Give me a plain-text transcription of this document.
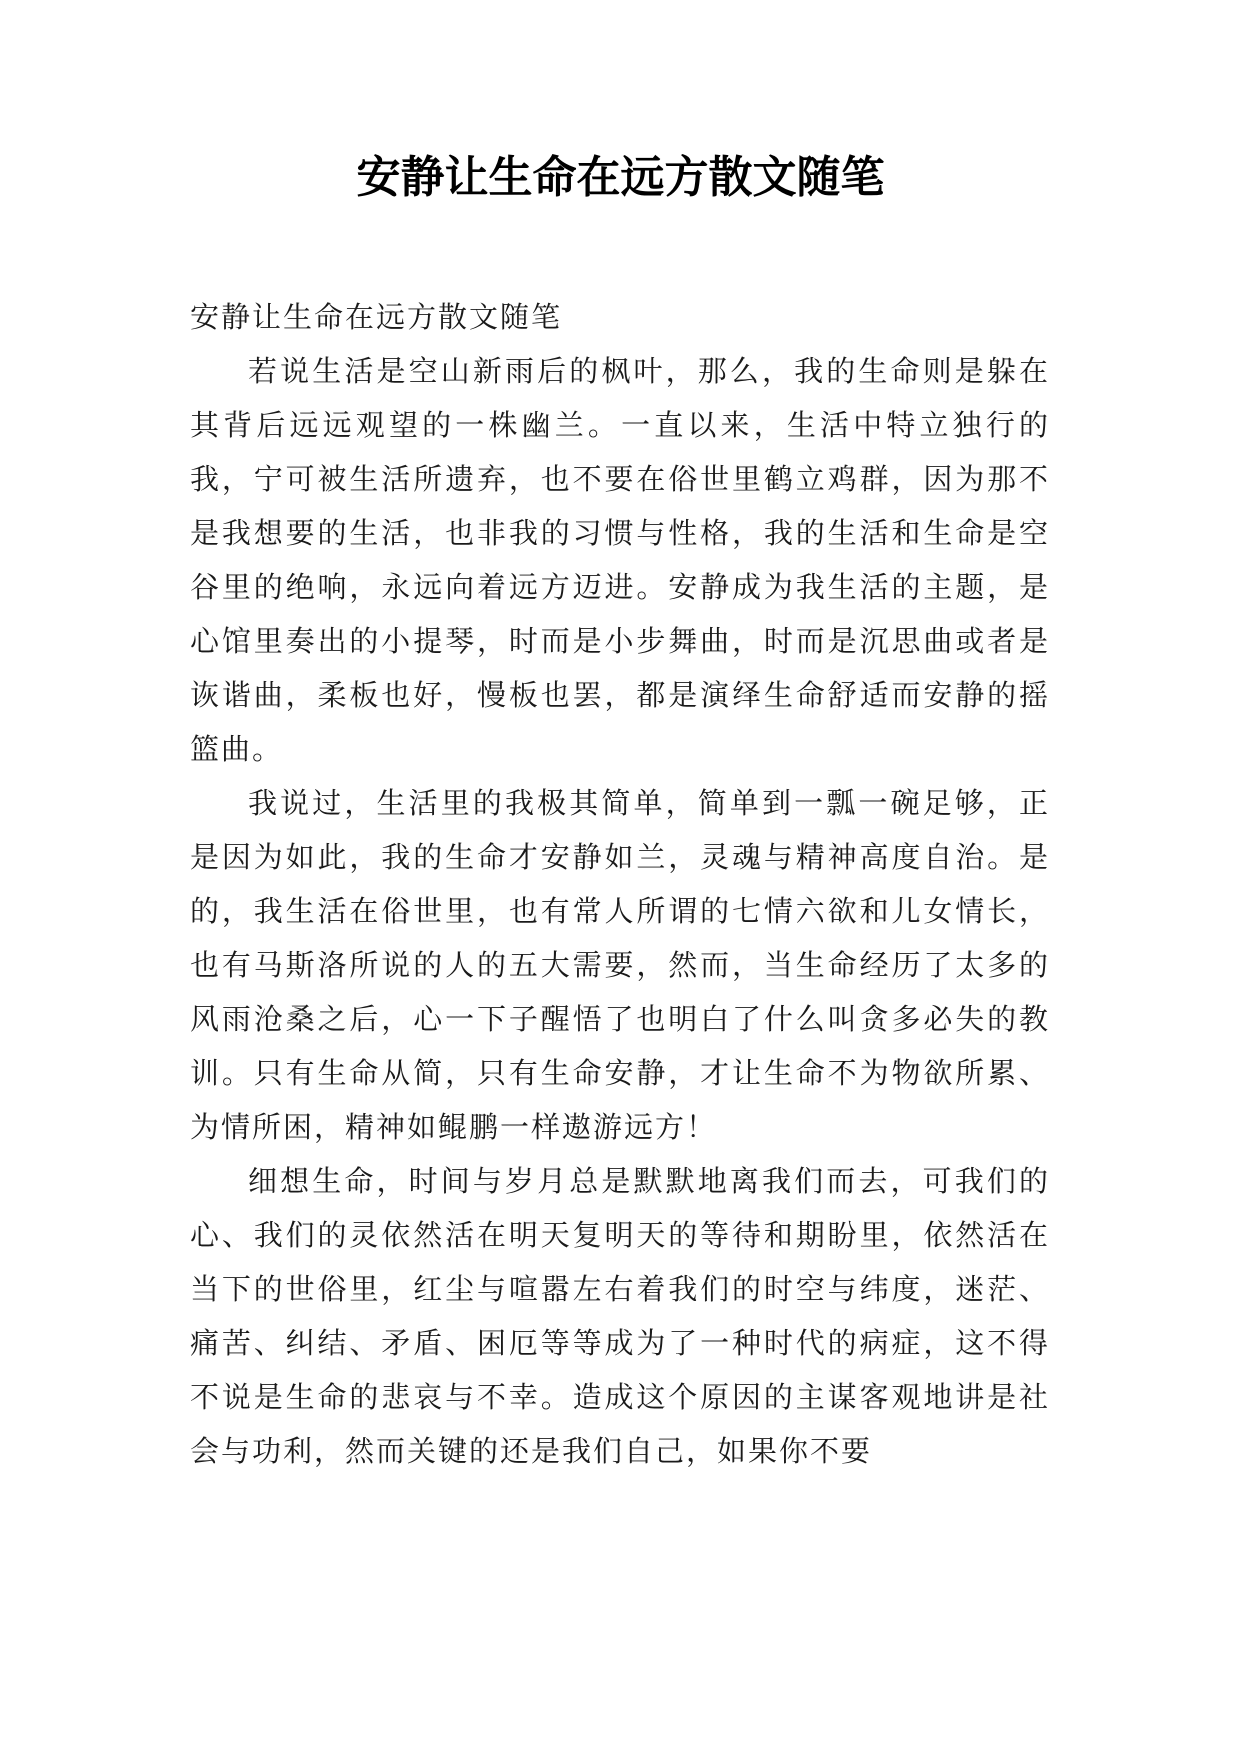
安静让生命在远方散文随笔

安静让生命在远方散文随笔

若说生活是空山新雨后的枫叶，那么，我的生命则是躲在其背后远远观望的一株幽兰。一直以来，生活中特立独行的我，宁可被生活所遗弃，也不要在俗世里鹤立鸡群，因为那不是我想要的生活，也非我的习惯与性格，我的生活和生命是空谷里的绝响，永远向着远方迈进。安静成为我生活的主题，是心馆里奏出的小提琴，时而是小步舞曲，时而是沉思曲或者是诙谐曲，柔板也好，慢板也罢，都是演绎生命舒适而安静的摇篮曲。

我说过，生活里的我极其简单，简单到一瓢一碗足够，正是因为如此，我的生命才安静如兰，灵魂与精神高度自治。是的，我生活在俗世里，也有常人所谓的七情六欲和儿女情长，也有马斯洛所说的人的五大需要，然而，当生命经历了太多的风雨沧桑之后，心一下子醒悟了也明白了什么叫贪多必失的教训。只有生命从简，只有生命安静，才让生命不为物欲所累、为情所困，精神如鲲鹏一样遨游远方！

细想生命，时间与岁月总是默默地离我们而去，可我们的心、我们的灵依然活在明天复明天的等待和期盼里，依然活在当下的世俗里，红尘与喧嚣左右着我们的时空与纬度，迷茫、痛苦、纠结、矛盾、困厄等等成为了一种时代的病症，这不得不说是生命的悲哀与不幸。造成这个原因的主谋客观地讲是社会与功利，然而关键的还是我们自己，如果你不要
